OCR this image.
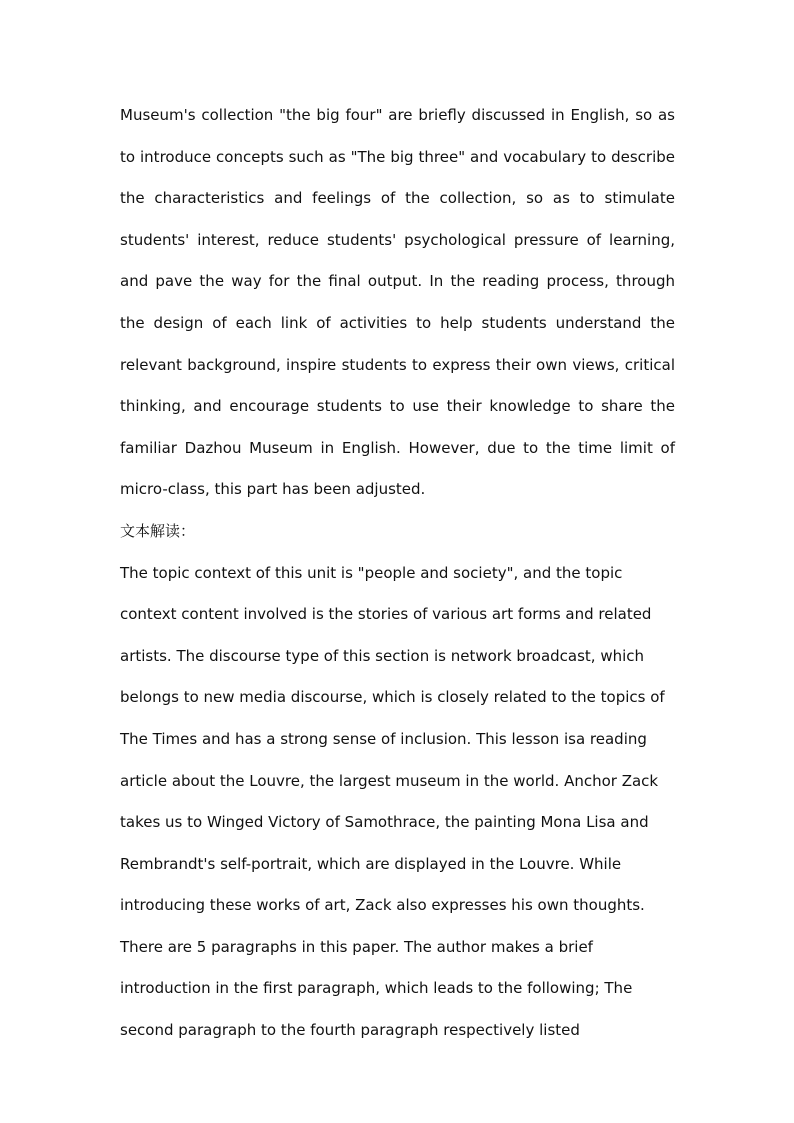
Museum's collection "the big four" are briefly discussed in English, so as to introduce concepts such as "The big three" and vocabulary to describe the characteristics and feelings of the collection, so as to stimulate students' interest, reduce students' psychological pressure of learning, and pave the way for the final output. In the reading process, through the design of each link of activities to help students understand the relevant background, inspire students to express their own views, critical thinking, and encourage students to use their knowledge to share the familiar Dazhou Museum in English. However, due to the time limit of micro-class, this part has been adjusted.

文本解读：

The topic context of this unit is "people and society", and the topic context content involved is the stories of various art forms and related artists. The discourse type of this section is network broadcast, which belongs to new media discourse, which is closely related to the topics of The Times and has a strong sense of inclusion. This lesson isa reading article about the Louvre, the largest museum in the world. Anchor Zack takes us to Winged Victory of Samothrace, the painting Mona Lisa and Rembrandt's self-portrait, which are displayed in the Louvre. While introducing these works of art, Zack also expresses his own thoughts. There are 5 paragraphs in this paper. The author makes a brief introduction in the first paragraph, which leads to the following; The second paragraph to the fourth paragraph respectively listed
